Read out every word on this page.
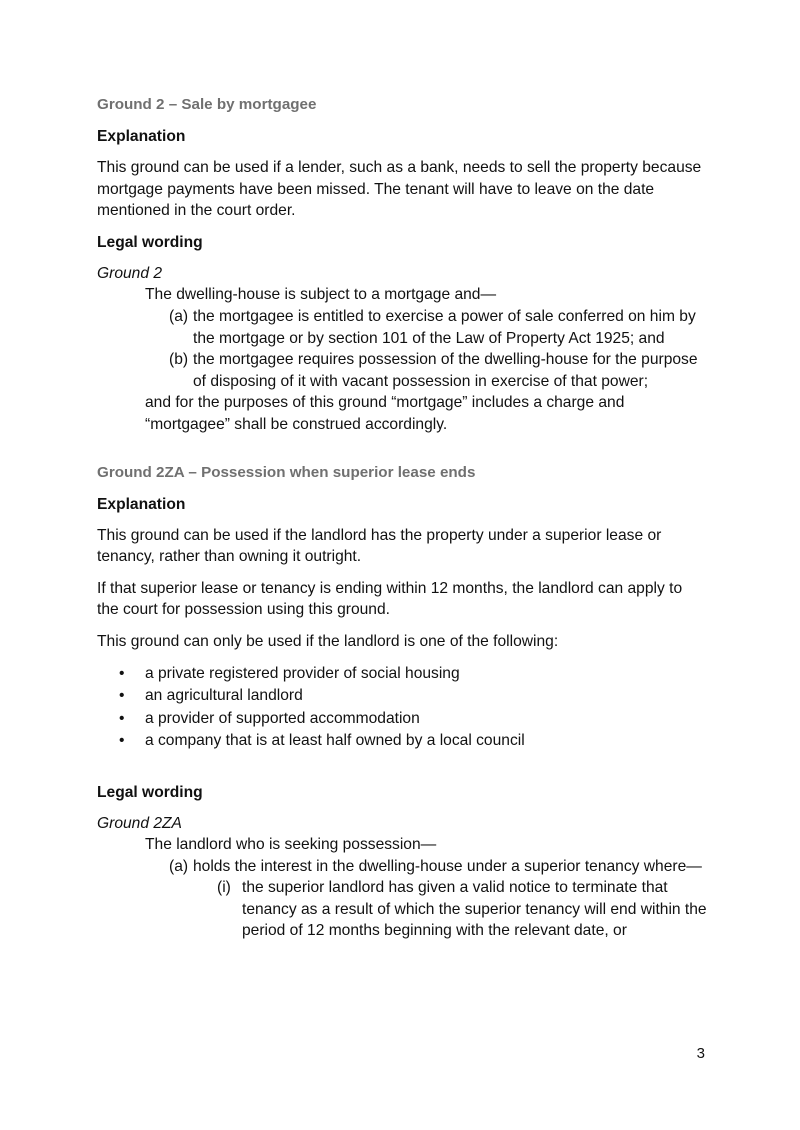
Ground 2 – Sale by mortgagee
Explanation

This ground can be used if a lender, such as a bank, needs to sell the property because mortgage payments have been missed. The tenant will have to leave on the date mentioned in the court order.

Legal wording

Ground 2

The dwelling-house is subject to a mortgage and—

(a) the mortgagee is entitled to exercise a power of sale conferred on him by the mortgage or by section 101 of the Law of Property Act 1925; and
(b) the mortgagee requires possession of the dwelling-house for the purpose of disposing of it with vacant possession in exercise of that power;

and for the purposes of this ground “mortgage” includes a charge and “mortgagee” shall be construed accordingly.

Ground 2ZA – Possession when superior lease ends
Explanation

This ground can be used if the landlord has the property under a superior lease or tenancy, rather than owning it outright.

If that superior lease or tenancy is ending within 12 months, the landlord can apply to the court for possession using this ground.

This ground can only be used if the landlord is one of the following:

• a private registered provider of social housing
• an agricultural landlord
• a provider of supported accommodation
• a company that is at least half owned by a local council
Legal wording

Ground 2ZA

The landlord who is seeking possession—

(a) holds the interest in the dwelling-house under a superior tenancy where—
(i) the superior landlord has given a valid notice to terminate that tenancy as a result of which the superior tenancy will end within the period of 12 months beginning with the relevant date, or
3
